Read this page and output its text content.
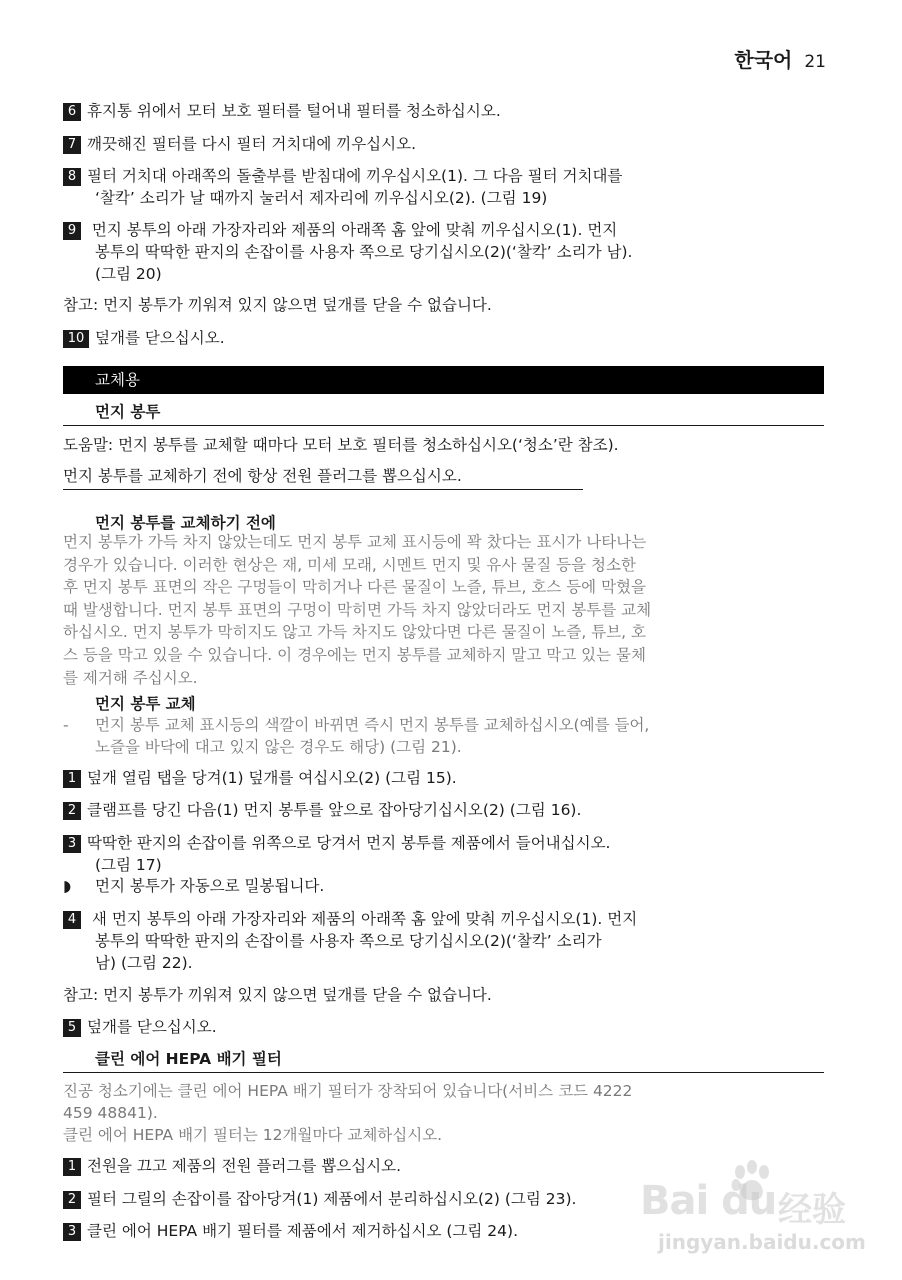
한국어 21
6 휴지통 위에서 모터 보호 필터를 털어내 필터를 청소하십시오.
7 깨끗해진 필터를 다시 필터 거치대에 끼우십시오.
8 필터 거치대 아래쪽의 돌출부를 받침대에 끼우십시오(1). 그 다음 필터 거치대를
‘찰칵’ 소리가 날 때까지 눌러서 제자리에 끼우십시오(2). (그림 19)
9 먼지 봉투의 아래 가장자리와 제품의 아래쪽 홈 앞에 맞춰 끼우십시오(1). 먼지
봉투의 딱딱한 판지의 손잡이를 사용자 쪽으로 당기십시오(2)(‘찰칵’ 소리가 남).
(그림 20)
참고: 먼지 봉투가 끼워져 있지 않으면 덮개를 닫을 수 없습니다.
10 덮개를 닫으십시오.
교체용
먼지 봉투
도움말: 먼지 봉투를 교체할 때마다 모터 보호 필터를 청소하십시오(‘청소’란 참조).
먼지 봉투를 교체하기 전에 항상 전원 플러그를 뽑으십시오.
먼지 봉투를 교체하기 전에
먼지 봉투가 가득 차지 않았는데도 먼지 봉투 교체 표시등에 꽉 찼다는 표시가 나타나는
경우가 있습니다. 이러한 현상은 재, 미세 모래, 시멘트 먼지 및 유사 물질 등을 청소한
후 먼지 봉투 표면의 작은 구멍들이 막히거나 다른 물질이 노즐, 튜브, 호스 등에 막혔을
때 발생합니다. 먼지 봉투 표면의 구멍이 막히면 가득 차지 않았더라도 먼지 봉투를 교체
하십시오. 먼지 봉투가 막히지도 않고 가득 차지도 않았다면 다른 물질이 노즐, 튜브, 호
스 등을 막고 있을 수 있습니다. 이 경우에는 먼지 봉투를 교체하지 말고 막고 있는 물체
를 제거해 주십시오.
먼지 봉투 교체
- 먼지 봉투 교체 표시등의 색깔이 바뀌면 즉시 먼지 봉투를 교체하십시오(예를 들어,
노즐을 바닥에 대고 있지 않은 경우도 해당) (그림 21).
1 덮개 열림 탭을 당겨(1) 덮개를 여십시오(2) (그림 15).
2 클램프를 당긴 다음(1) 먼지 봉투를 앞으로 잡아당기십시오(2) (그림 16).
3 딱딱한 판지의 손잡이를 위쪽으로 당겨서 먼지 봉투를 제품에서 들어내십시오.
(그림 17)
◗ 먼지 봉투가 자동으로 밀봉됩니다.
4 새 먼지 봉투의 아래 가장자리와 제품의 아래쪽 홈 앞에 맞춰 끼우십시오(1). 먼지
봉투의 딱딱한 판지의 손잡이를 사용자 쪽으로 당기십시오(2)(‘찰칵’ 소리가
남) (그림 22).
참고: 먼지 봉투가 끼워져 있지 않으면 덮개를 닫을 수 없습니다.
5 덮개를 닫으십시오.
클린 에어 HEPA 배기 필터
진공 청소기에는 클린 에어 HEPA 배기 필터가 장착되어 있습니다(서비스 코드 4222
459 48841).
클린 에어 HEPA 배기 필터는 12개월마다 교체하십시오.
1 전원을 끄고 제품의 전원 플러그를 뽑으십시오.
2 필터 그릴의 손잡이를 잡아당겨(1) 제품에서 분리하십시오(2) (그림 23).
3 클린 에어 HEPA 배기 필터를 제품에서 제거하십시오 (그림 24).
Bai du 经验
jingyan.baidu.com
